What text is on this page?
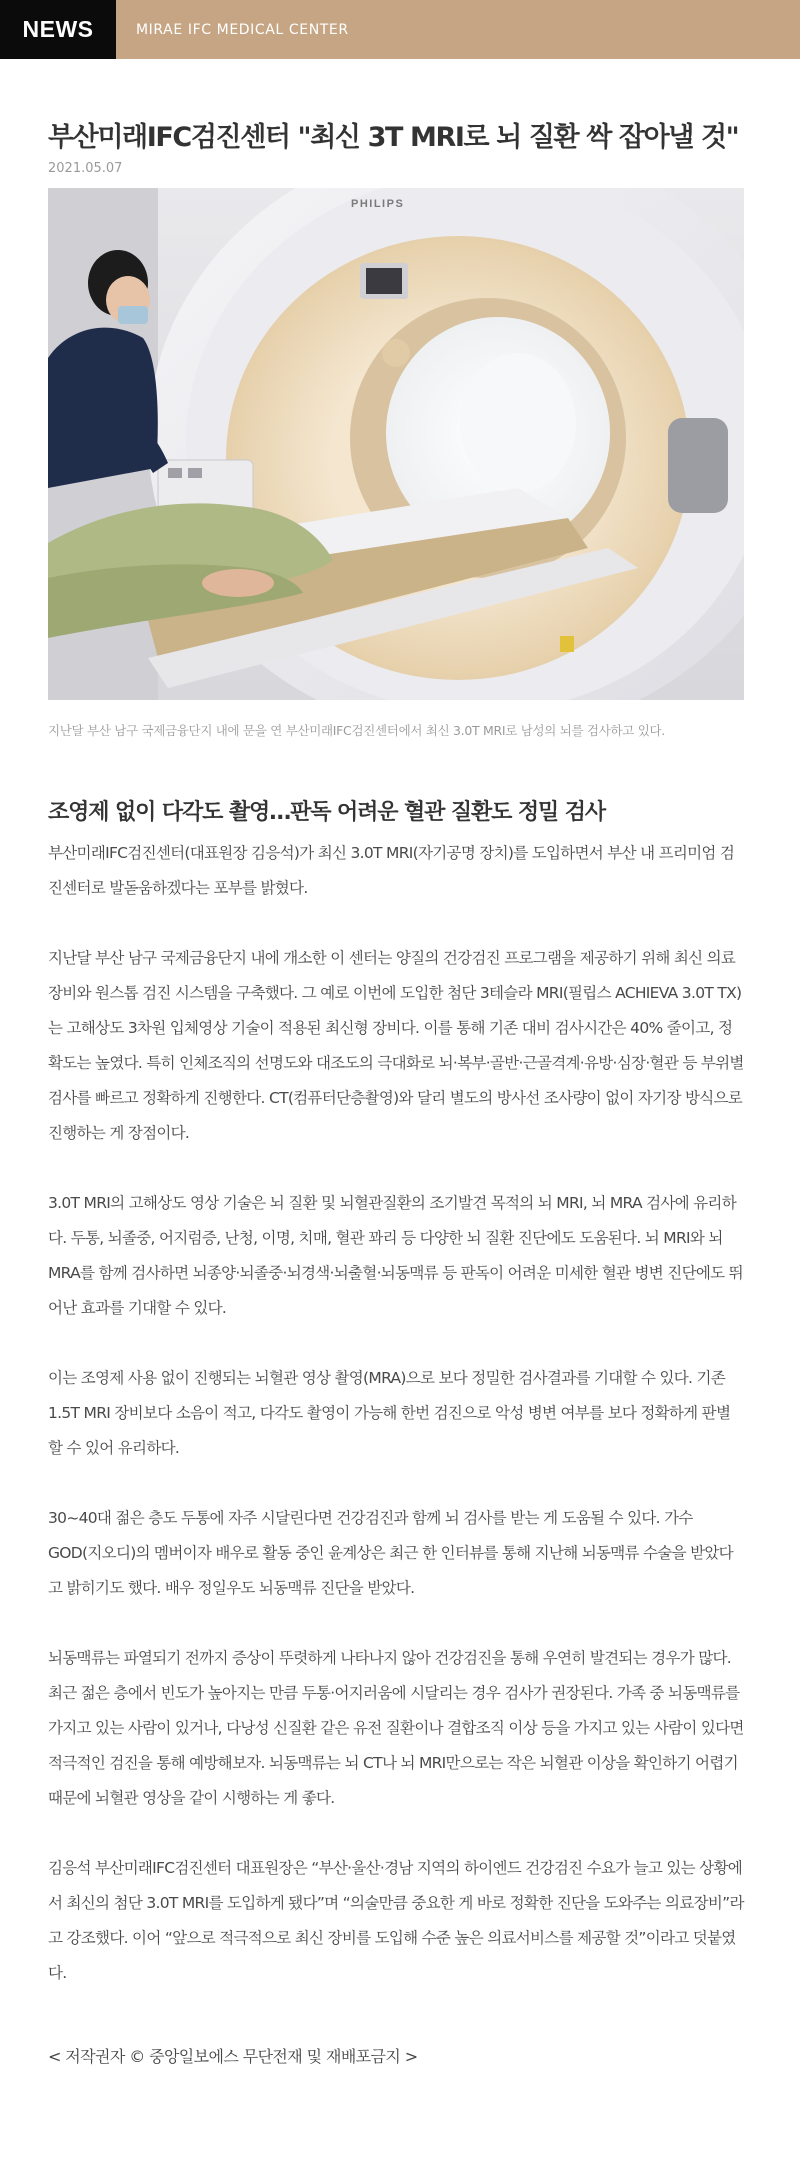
NEWS	MIRAE IFC MEDICAL CENTER
부산미래IFC검진센터 "최신 3T MRI로 뇌 질환 싹 잡아낼 것"
2021.05.07
PHILIPS
지난달 부산 남구 국제금융단지 내에 문을 연 부산미래IFC검진센터에서 최신 3.0T MRI로 남성의 뇌를 검사하고 있다.
조영제 없이 다각도 촬영…판독 어려운 혈관 질환도 정밀 검사

부산미래IFC검진센터(대표원장 김응석)가 최신 3.0T MRI(자기공명 장치)를 도입하면서 부산 내 프리미엄 검진센터로 발돋움하겠다는 포부를 밝혔다.

지난달 부산 남구 국제금융단지 내에 개소한 이 센터는 양질의 건강검진 프로그램을 제공하기 위해 최신 의료장비와 원스톱 검진 시스템을 구축했다. 그 예로 이번에 도입한 첨단 3테슬라 MRI(필립스 ACHIEVA 3.0T TX)는 고해상도 3차원 입체영상 기술이 적용된 최신형 장비다. 이를 통해 기존 대비 검사시간은 40% 줄이고, 정확도는 높였다. 특히 인체조직의 선명도와 대조도의 극대화로 뇌·복부·골반·근골격계·유방·심장·혈관 등 부위별 검사를 빠르고 정확하게 진행한다. CT(컴퓨터단층촬영)와 달리 별도의 방사선 조사량이 없이 자기장 방식으로 진행하는 게 장점이다.

3.0T MRI의 고해상도 영상 기술은 뇌 질환 및 뇌혈관질환의 조기발견 목적의 뇌 MRI, 뇌 MRA 검사에 유리하다. 두통, 뇌졸중, 어지럼증, 난청, 이명, 치매, 혈관 꽈리 등 다양한 뇌 질환 진단에도 도움된다. 뇌 MRI와 뇌 MRA를 함께 검사하면 뇌종양·뇌졸중·뇌경색·뇌출혈·뇌동맥류 등 판독이 어려운 미세한 혈관 병변 진단에도 뛰어난 효과를 기대할 수 있다.

이는 조영제 사용 없이 진행되는 뇌혈관 영상 촬영(MRA)으로 보다 정밀한 검사결과를 기대할 수 있다. 기존 1.5T MRI 장비보다 소음이 적고, 다각도 촬영이 가능해 한번 검진으로 악성 병변 여부를 보다 정확하게 판별할 수 있어 유리하다.

30~40대 젊은 층도 두통에 자주 시달린다면 건강검진과 함께 뇌 검사를 받는 게 도움될 수 있다. 가수 GOD(지오디)의 멤버이자 배우로 활동 중인 윤계상은 최근 한 인터뷰를 통해 지난해 뇌동맥류 수술을 받았다고 밝히기도 했다. 배우 정일우도 뇌동맥류 진단을 받았다.

뇌동맥류는 파열되기 전까지 증상이 뚜렷하게 나타나지 않아 건강검진을 통해 우연히 발견되는 경우가 많다. 최근 젊은 층에서 빈도가 높아지는 만큼 두통·어지러움에 시달리는 경우 검사가 권장된다. 가족 중 뇌동맥류를 가지고 있는 사람이 있거나, 다낭성 신질환 같은 유전 질환이나 결합조직 이상 등을 가지고 있는 사람이 있다면 적극적인 검진을 통해 예방해보자. 뇌동맥류는 뇌 CT나 뇌 MRI만으로는 작은 뇌혈관 이상을 확인하기 어렵기 때문에 뇌혈관 영상을 같이 시행하는 게 좋다.

김응석 부산미래IFC검진센터 대표원장은 “부산·울산·경남 지역의 하이엔드 건강검진 수요가 늘고 있는 상황에서 최신의 첨단 3.0T MRI를 도입하게 됐다”며 “의술만큼 중요한 게 바로 정확한 진단을 도와주는 의료장비”라고 강조했다. 이어 “앞으로 적극적으로 최신 장비를 도입해 수준 높은 의료서비스를 제공할 것”이라고 덧붙였다.

< 저작권자 © 중앙일보에스 무단전재 및 재배포금지 >
